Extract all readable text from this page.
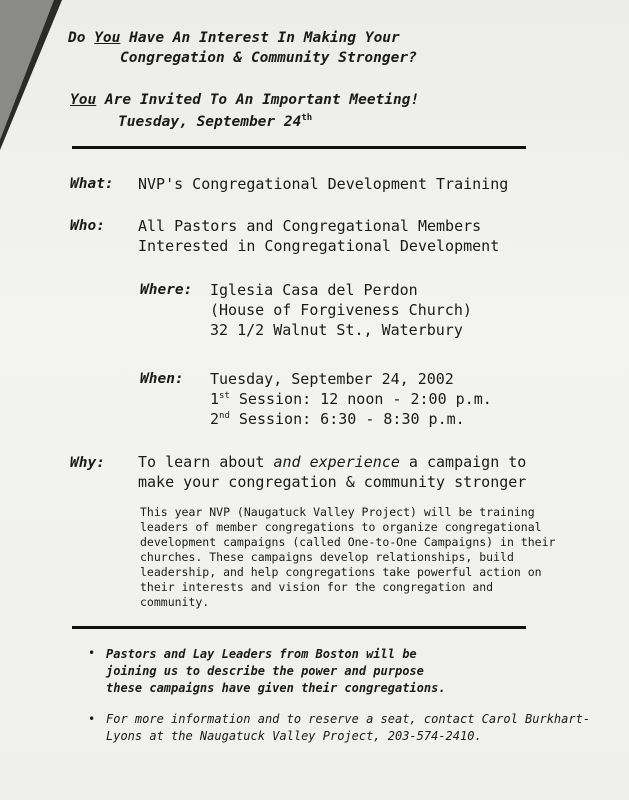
Do You Have An Interest In Making Your
Congregation & Community Stronger?
You Are Invited To An Important Meeting!
Tuesday, September 24th
What: NVP's Congregational Development Training
Who: All Pastors and Congregational Members
Interested in Congregational Development
Where: Iglesia Casa del Perdon
(House of Forgiveness Church)
32 1/2 Walnut St., Waterbury
When: Tuesday, September 24, 2002
1st Session: 12 noon - 2:00 p.m.
2nd Session: 6:30 - 8:30 p.m.
Why: To learn about and experience a campaign to
make your congregation & community stronger
This year NVP (Naugatuck Valley Project) will be training leaders of member congregations to organize congregational development campaigns (called One-to-One Campaigns) in their churches. These campaigns develop relationships, build leadership, and help congregations take powerful action on their interests and vision for the congregation and community.
• Pastors and Lay Leaders from Boston will be
joining us to describe the power and purpose
these campaigns have given their congregations.
• For more information and to reserve a seat, contact Carol Burkhart-
Lyons at the Naugatuck Valley Project, 203-574-2410.
